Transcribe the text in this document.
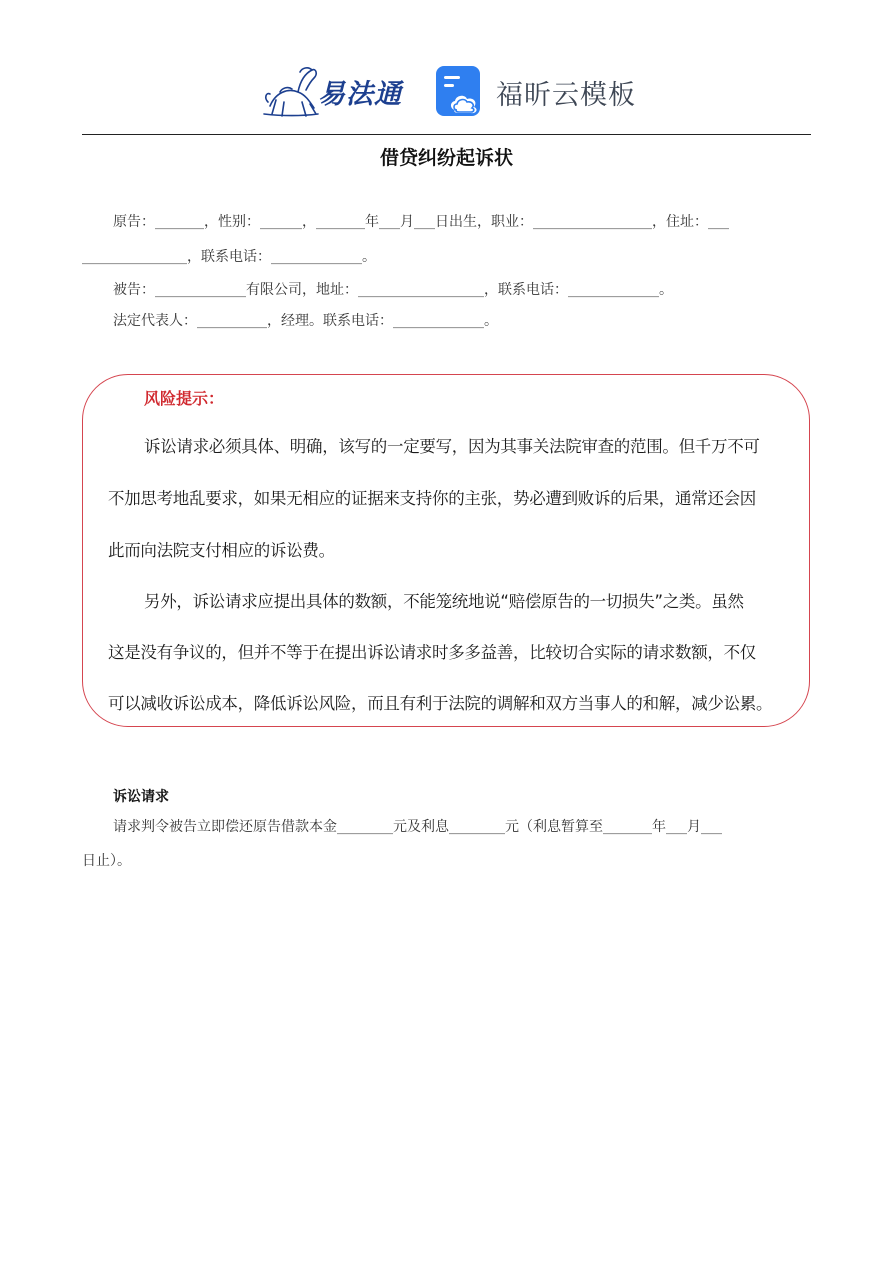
易法通	福昕云模板
借贷纠纷起诉状
原告：_______，性别：______，_______年___月___日出生，职业：_________________，住址：___
_______________，联系电话：_____________。
被告：_____________有限公司，地址：__________________，联系电话：_____________。
法定代表人：__________，经理。联系电话：_____________。
风险提示：
诉讼请求必须具体、明确，该写的一定要写，因为其事关法院审查的范围。但千万不可
不加思考地乱要求，如果无相应的证据来支持你的主张，势必遭到败诉的后果，通常还会因
此而向法院支付相应的诉讼费。
另外，诉讼请求应提出具体的数额，不能笼统地说“赔偿原告的一切损失”之类。虽然
这是没有争议的，但并不等于在提出诉讼请求时多多益善，比较切合实际的请求数额，不仅
可以减收诉讼成本，降低诉讼风险，而且有利于法院的调解和双方当事人的和解，减少讼累。
诉讼请求
请求判令被告立即偿还原告借款本金________元及利息________元（利息暂算至_______年___月___
日止）。
